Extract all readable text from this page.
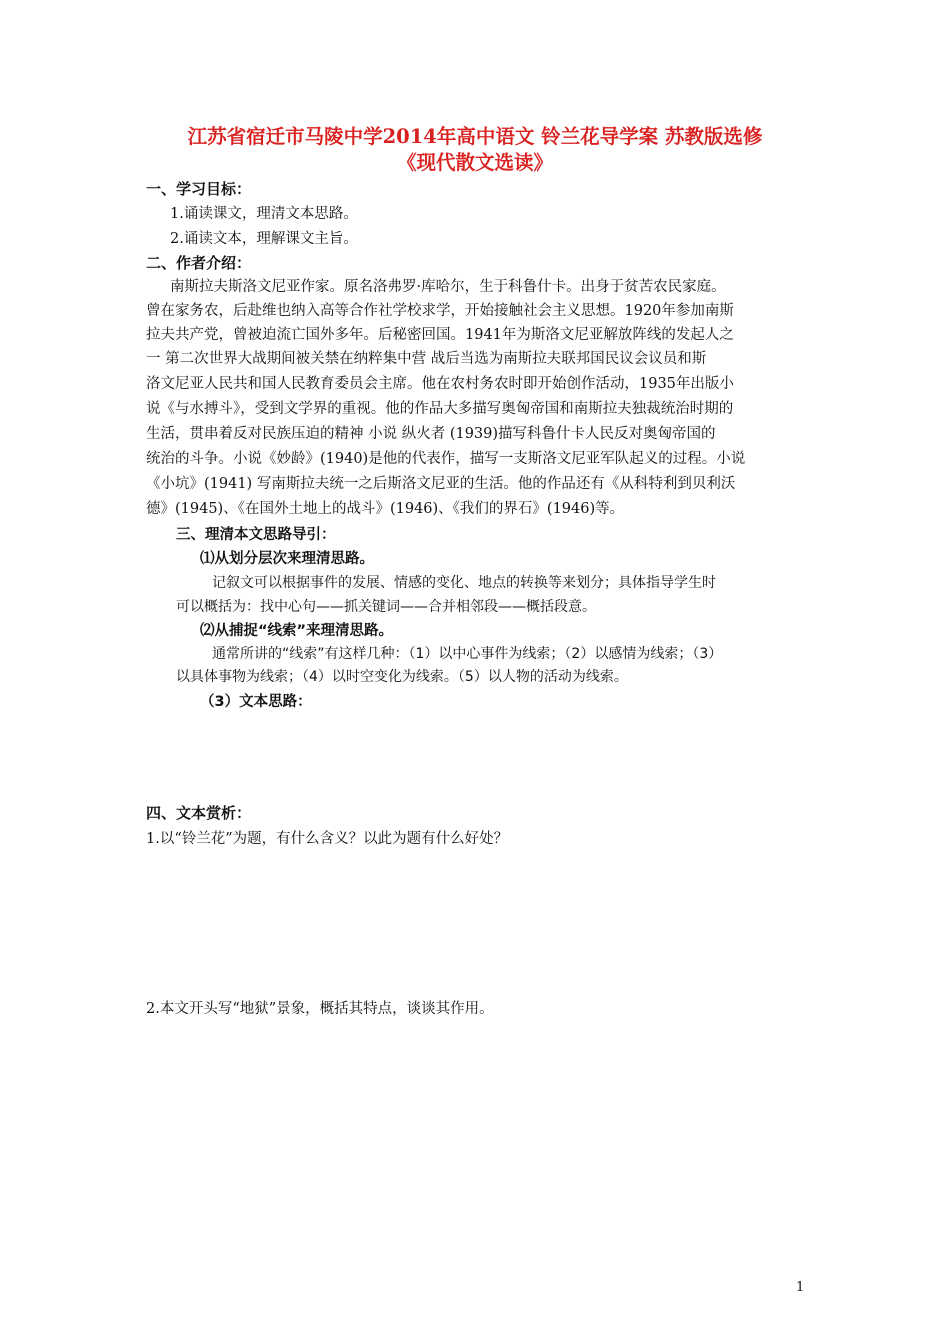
江苏省宿迁市马陵中学2014年高中语文 铃兰花导学案 苏教版选修
《现代散文选读》
一、学习目标：
1.诵读课文，理清文本思路。
2.诵读文本，理解课文主旨。
二、作者介绍：
南斯拉夫斯洛文尼亚作家。原名洛弗罗·库哈尔，生于科鲁什卡。出身于贫苦农民家庭。
曾在家务农，后赴维也纳入高等合作社学校求学，开始接触社会主义思想。1920年参加南斯
拉夫共产党，曾被迫流亡国外多年。后秘密回国。1941年为斯洛文尼亚解放阵线的发起人之
一 第二次世界大战期间被关禁在纳粹集中营 战后当选为南斯拉夫联邦国民议会议员和斯
洛文尼亚人民共和国人民教育委员会主席。他在农村务农时即开始创作活动，1935年出版小
说《与水搏斗》，受到文学界的重视。他的作品大多描写奥匈帝国和南斯拉夫独裁统治时期的
生活，贯串着反对民族压迫的精神 小说 纵火者 (1939)描写科鲁什卡人民反对奥匈帝国的
统治的斗争。小说《妙龄》(1940)是他的代表作，描写一支斯洛文尼亚军队起义的过程。小说
《小坑》(1941) 写南斯拉夫统一之后斯洛文尼亚的生活。他的作品还有《从科特利到贝利沃
德》(1945)、《在国外土地上的战斗》(1946)、《我们的界石》(1946)等。
三、理清本文思路导引：
⑴从划分层次来理清思路。
记叙文可以根据事件的发展、情感的变化、地点的转换等来划分；具体指导学生时
可以概括为：找中心句——抓关键词——合并相邻段——概括段意。
⑵从捕捉“线索”来理清思路。
通常所讲的“线索”有这样几种：（1）以中心事件为线索；（2）以感情为线索；（3）
以具体事物为线索；（4）以时空变化为线索。（5）以人物的活动为线索。
（3）文本思路：
四、文本赏析：
1.以“铃兰花”为题，有什么含义？以此为题有什么好处？
2.本文开头写“地狱”景象，概括其特点，谈谈其作用。
1
